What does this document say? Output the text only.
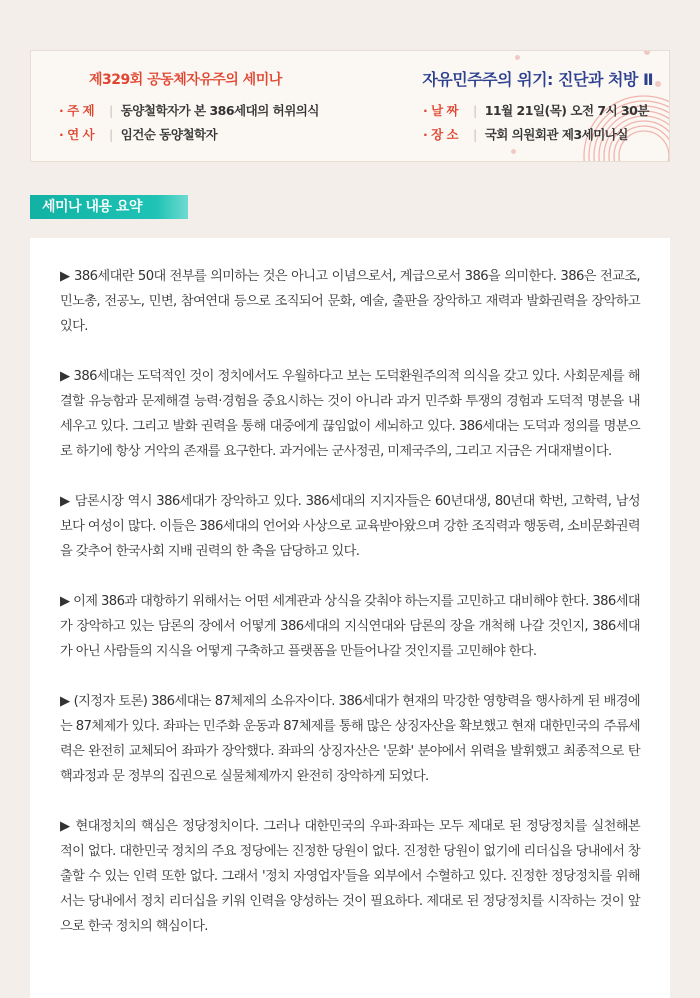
제329회 공동체자유주의 세미나	자유민주주의 위기: 진단과 처방 Ⅱ
· 주 제	| 동양철학자가 본 386세대의 허위의식
· 연 사	| 임건순 동양철학자
· 날 짜	| 11월 21일(목) 오전 7시 30분
· 장 소	| 국회 의원회관 제3세미나실
세미나 내용 요약

▶ 386세대란 50대 전부를 의미하는 것은 아니고 이념으로서, 계급으로서 386을 의미한다. 386은 전교조, 민노총, 전공노, 민변, 참여연대 등으로 조직되어 문화, 예술, 출판을 장악하고 재력과 발화권력을 장악하고 있다.

▶ 386세대는 도덕적인 것이 정치에서도 우월하다고 보는 도덕환원주의적 의식을 갖고 있다. 사회문제를 해결할 유능함과 문제해결 능력·경험을 중요시하는 것이 아니라 과거 민주화 투쟁의 경험과 도덕적 명분을 내세우고 있다. 그리고 발화 권력을 통해 대중에게 끊임없이 세뇌하고 있다. 386세대는 도덕과 정의를 명분으로 하기에 항상 거악의 존재를 요구한다. 과거에는 군사정권, 미제국주의, 그리고 지금은 거대재벌이다.

▶ 담론시장 역시 386세대가 장악하고 있다. 386세대의 지지자들은 60년대생, 80년대 학번, 고학력, 남성보다 여성이 많다. 이들은 386세대의 언어와 사상으로 교육받아왔으며 강한 조직력과 행동력, 소비문화권력을 갖추어 한국사회 지배 권력의 한 축을 담당하고 있다.

▶ 이제 386과 대항하기 위해서는 어떤 세계관과 상식을 갖춰야 하는지를 고민하고 대비해야 한다. 386세대가 장악하고 있는 담론의 장에서 어떻게 386세대의 지식연대와 담론의 장을 개척해 나갈 것인지, 386세대가 아닌 사람들의 지식을 어떻게 구축하고 플랫폼을 만들어나갈 것인지를 고민해야 한다.

▶ (지정자 토론) 386세대는 87체제의 소유자이다. 386세대가 현재의 막강한 영향력을 행사하게 된 배경에는 87체제가 있다. 좌파는 민주화 운동과 87체제를 통해 많은 상징자산을 확보했고 현재 대한민국의 주류세력은 완전히 교체되어 좌파가 장악했다. 좌파의 상징자산은 '문화' 분야에서 위력을 발휘했고 최종적으로 탄핵과정과 문 정부의 집권으로 실물체제까지 완전히 장악하게 되었다.

▶ 현대정치의 핵심은 정당정치이다. 그러나 대한민국의 우파·좌파는 모두 제대로 된 정당정치를 실천해본 적이 없다. 대한민국 정치의 주요 정당에는 진정한 당원이 없다. 진정한 당원이 없기에 리더십을 당내에서 창출할 수 있는 인력 또한 없다. 그래서 '정치 자영업자'들을 외부에서 수혈하고 있다. 진정한 정당정치를 위해서는 당내에서 정치 리더십을 키워 인력을 양성하는 것이 필요하다. 제대로 된 정당정치를 시작하는 것이 앞으로 한국 정치의 핵심이다.
